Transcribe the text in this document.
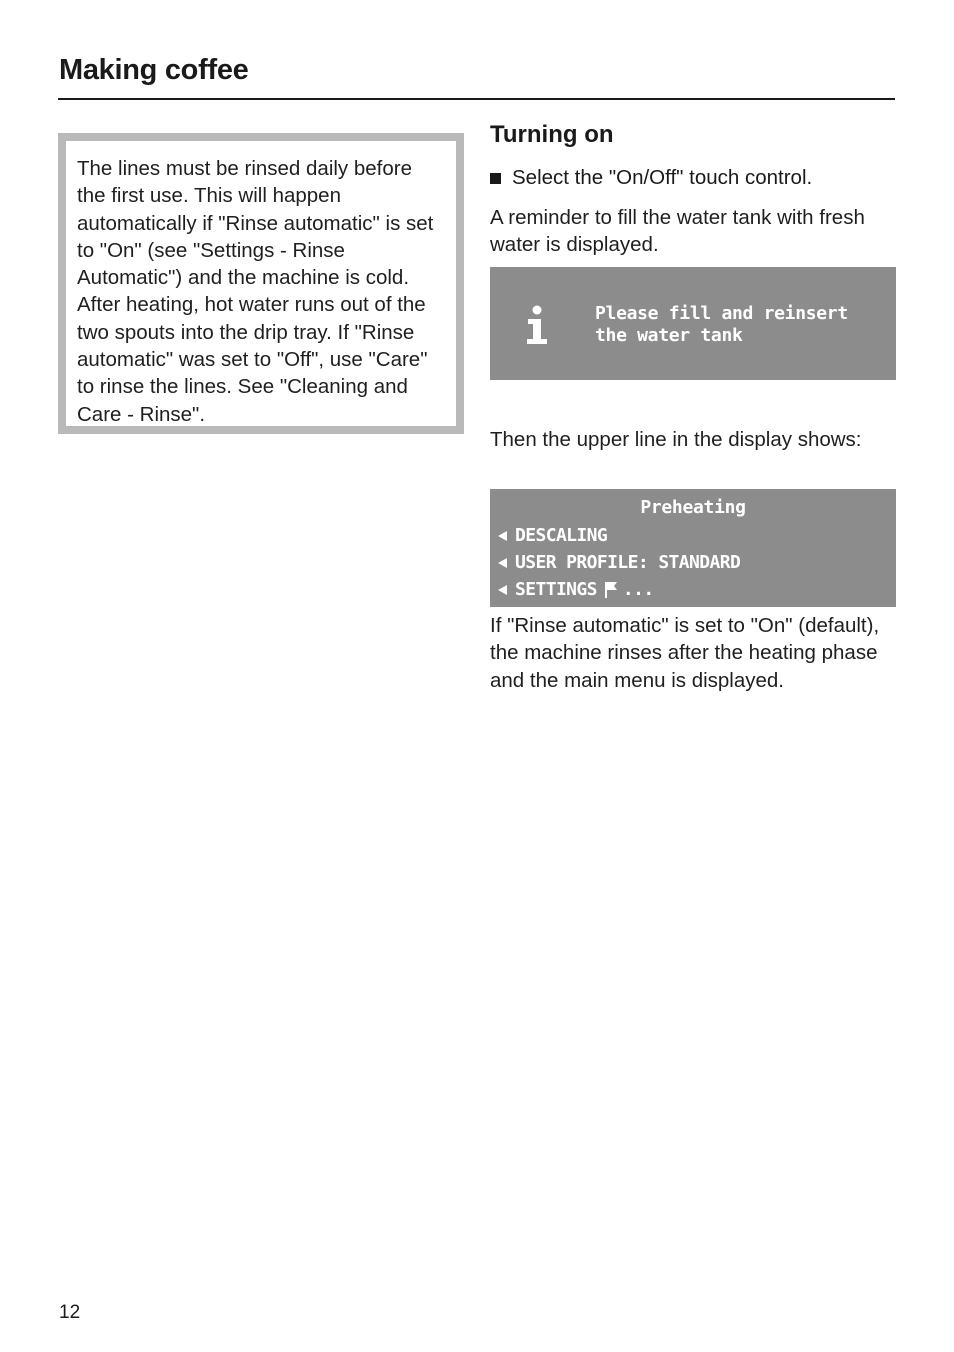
Making coffee

The lines must be rinsed daily before the first use. This will happen automatically if "Rinse automatic" is set to "On" (see "Settings - Rinse Automatic") and the machine is cold. After heating, hot water runs out of the two spouts into the drip tray. If "Rinse automatic" was set to "Off", use "Care" to rinse the lines. See "Cleaning and Care - Rinse".

Turning on
Select the "On/Off" touch control.

A reminder to fill the water tank with fresh water is displayed.

Please fill and reinsert
the water tank

Then the upper line in the display shows:

Preheating
DESCALING
USER PROFILE: STANDARD
SETTINGS ...

If "Rinse automatic" is set to "On" (default), the machine rinses after the heating phase and the main menu is displayed.

12
